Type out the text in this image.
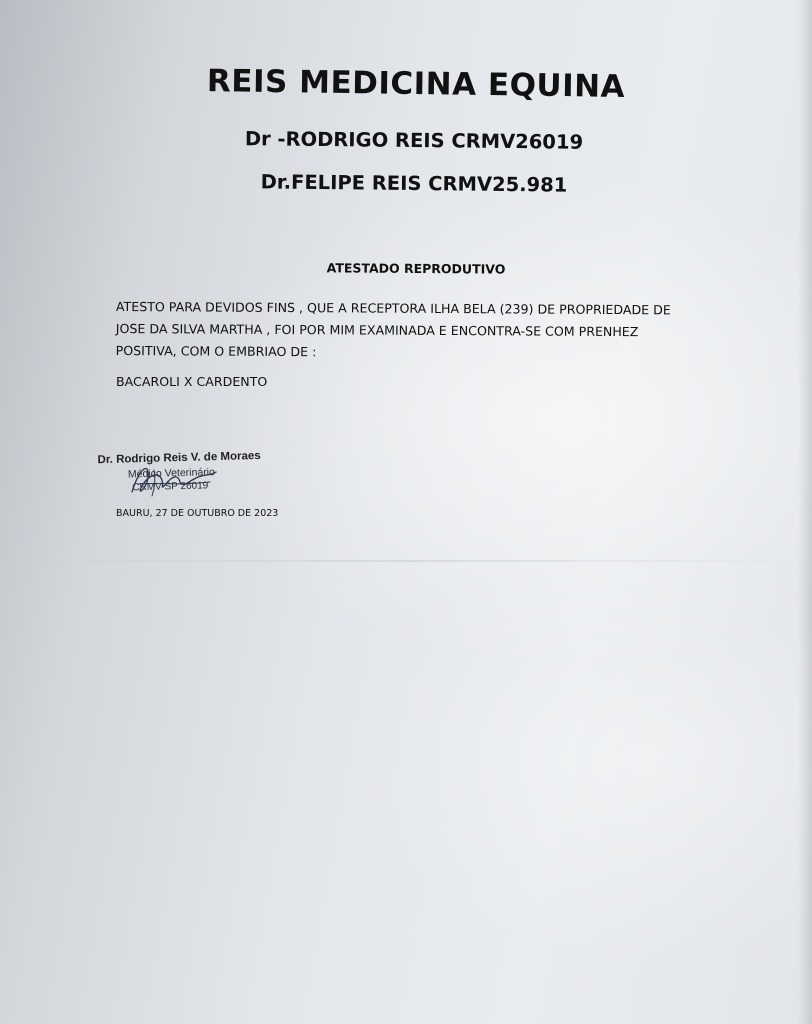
REIS MEDICINA EQUINA
Dr -RODRIGO REIS CRMV26019
Dr.FELIPE REIS CRMV25.981
ATESTADO REPRODUTIVO

ATESTO PARA DEVIDOS FINS , QUE A RECEPTORA ILHA BELA (239) DE PROPRIEDADE DE
JOSE DA SILVA MARTHA , FOI POR MIM EXAMINADA E ENCONTRA-SE COM PRENHEZ
POSITIVA, COM O EMBRIAO DE :

BACAROLI X CARDENTO

Dr. Rodrigo Reis V. de Moraes
Médico Veterinário
CRMV-SP 26019

BAURU, 27 DE OUTUBRO DE 2023
